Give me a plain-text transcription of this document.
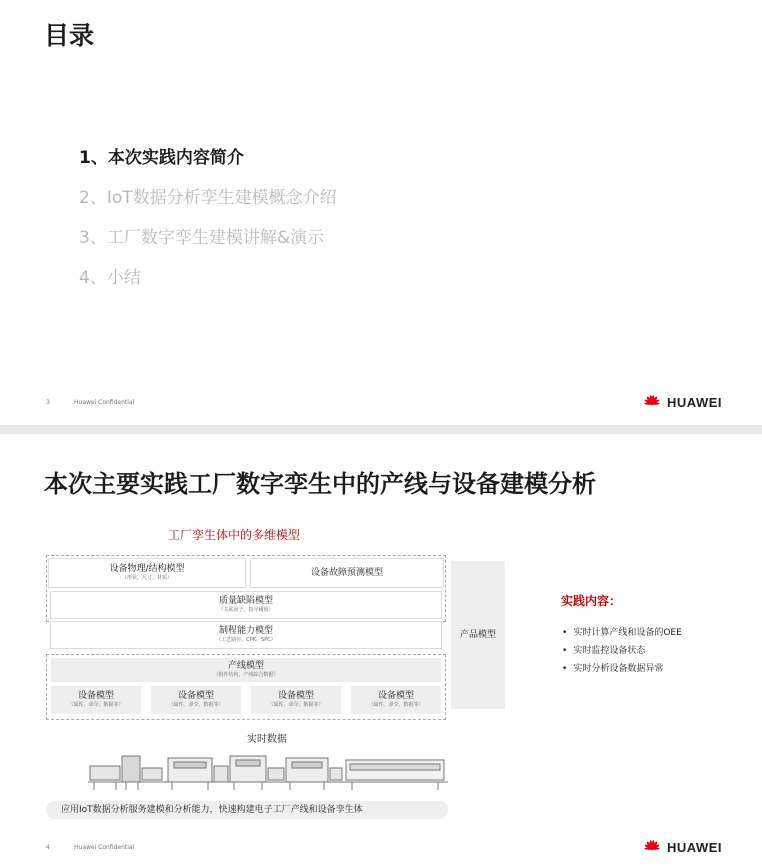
目录
1、本次实践内容简介
2、IoT数据分析孪生建模概念介绍
3、工厂数字孪生建模讲解&演示
4、小结
3	Huawei Confidential	HUAWEI
本次主要实践工厂数字孪生中的产线与设备建模分析
工厂孪生体中的多维模型
设备物理/结构模型
（形状、尺寸、材质）
设备故障预测模型
质量缺陷模型
（关联因子、指导阈值）
制程能力模型
（工艺路径、CPK、SPC）
产品模型
产线模型
（组件结构，产线综合数据）
设备模型
（属性、命令、数据等）
设备模型
（属性、命令、数据等）
设备模型
（属性、命令、数据等）
设备模型
（属性、命令、数据等）
实时数据
应用IoT数据分析服务建模和分析能力，快速构建电子工厂产线和设备孪生体
实践内容：
• 实时计算产线和设备的OEE
• 实时监控设备状态
• 实时分析设备数据异常
4	Huawei Confidential	HUAWEI
